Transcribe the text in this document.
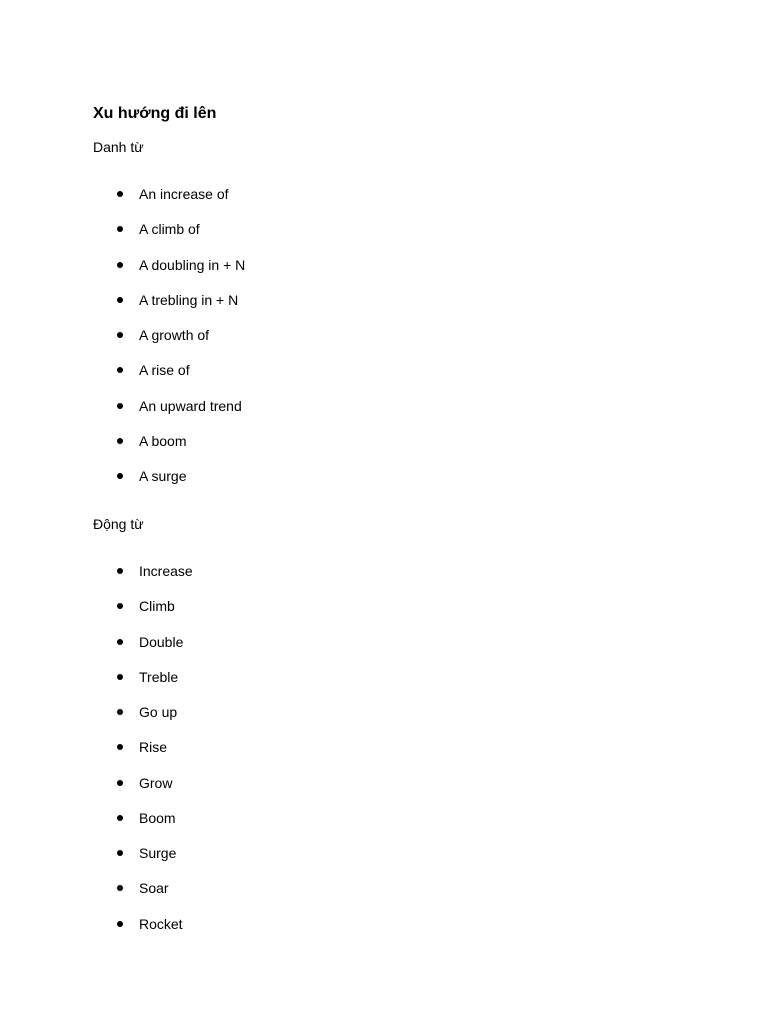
Xu hướng đi lên
Danh từ
An increase of
A climb of
A doubling in + N
A trebling in + N
A growth of
A rise of
An upward trend
A boom
A surge
Động từ
Increase
Climb
Double
Treble
Go up
Rise
Grow
Boom
Surge
Soar
Rocket
